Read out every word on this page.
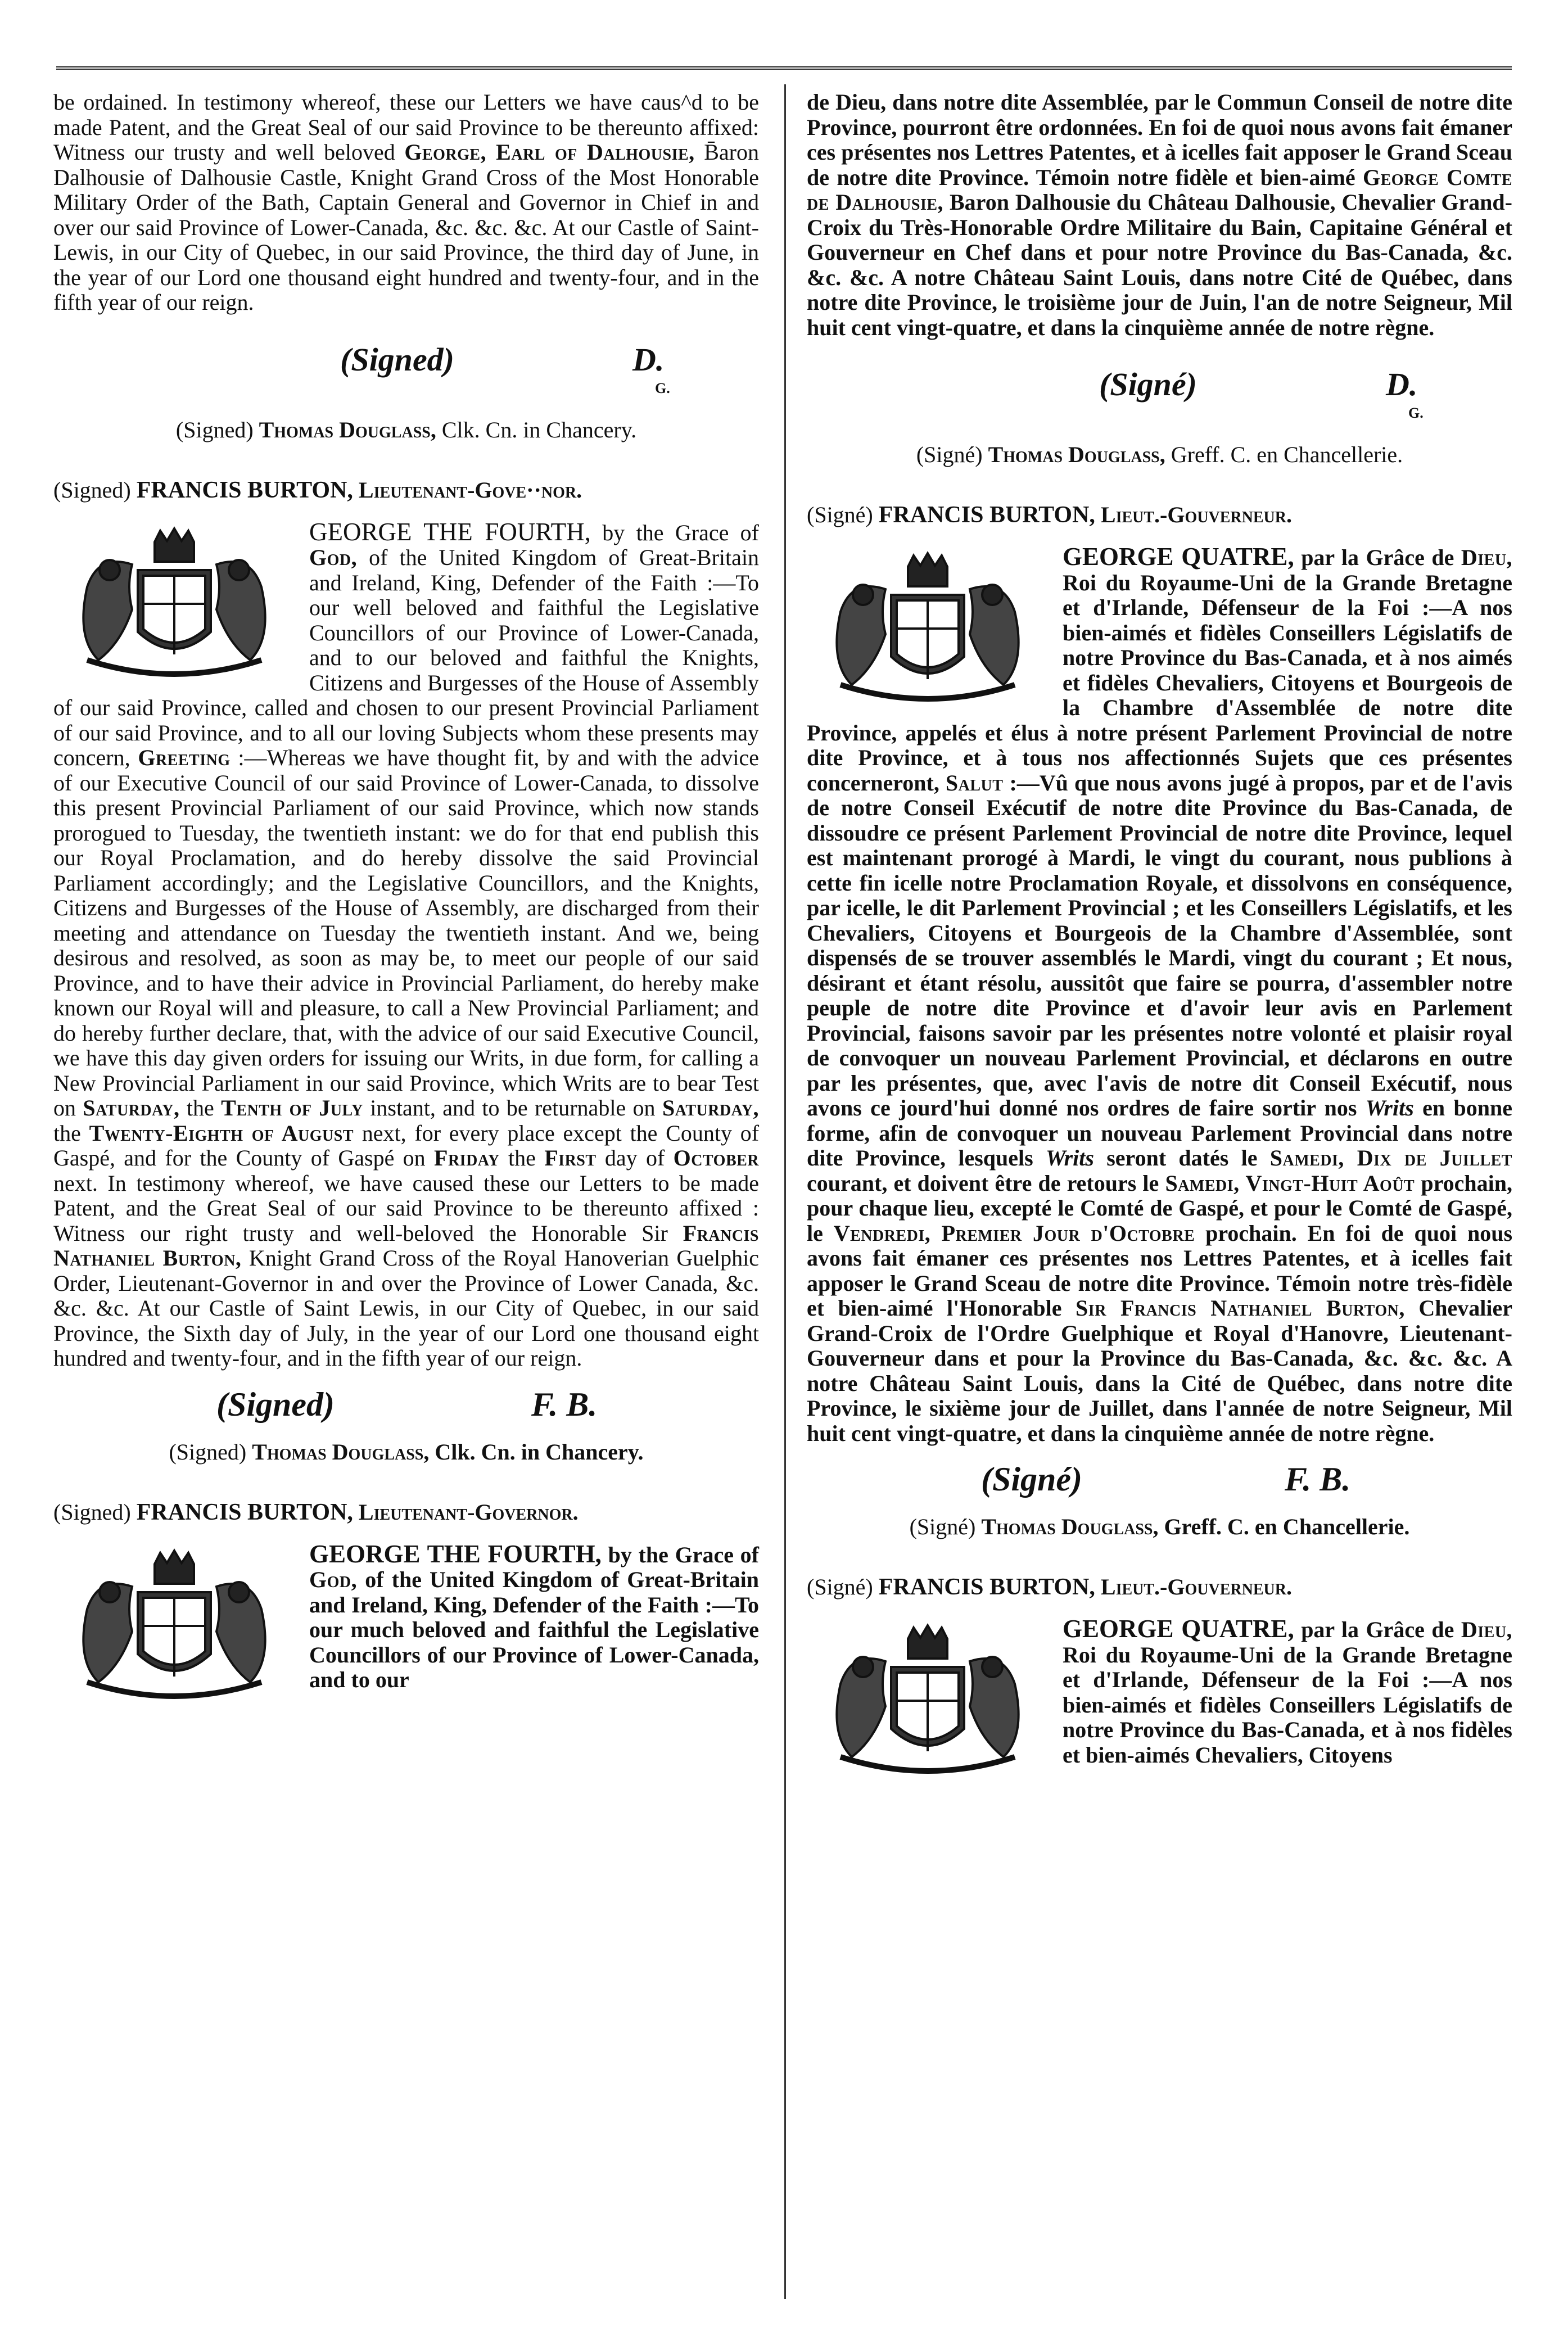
be ordained. In testimony whereof, these our Letters we have caus^d to be made Patent, and the Great Seal of our said Province to be thereunto affixed: Witness our trusty and well beloved George, Earl of Dalhousie, B̄aron Dalhousie of Dalhousie Castle, Knight Grand Cross of the Most Honorable Military Order of the Bath, Captain General and Governor in Chief in and over our said Province of Lower-Canada, &c. &c. &c. At our Castle of Saint-Lewis, in our City of Quebec, in our said Province, the third day of June, in the year of our Lord one thousand eight hundred and twenty-four, and in the fifth year of our reign.

(Signed)	D.
G.
(Signed) Thomas Douglass, Clk. Cn. in Chancery.
(Signed) FRANCIS BURTON, Lieutenant-Gove··nor.

GEORGE THE FOURTH, by the Grace of God, of the United Kingdom of Great-Britain and Ireland, King, Defender of the Faith :—To our well beloved and faithful the Legislative Councillors of our Province of Lower-Canada, and to our beloved and faithful the Knights, Citizens and Burgesses of the House of Assembly of our said Province, called and chosen to our present Provincial Parliament of our said Province, and to all our loving Subjects whom these presents may concern, Greeting :—Whereas we have thought fit, by and with the advice of our Executive Council of our said Province of Lower-Canada, to dissolve this present Provincial Parliament of our said Province, which now stands prorogued to Tuesday, the twentieth instant: we do for that end publish this our Royal Proclamation, and do hereby dissolve the said Provincial Parliament accordingly; and the Legislative Councillors, and the Knights, Citizens and Burgesses of the House of Assembly, are discharged from their meeting and attendance on Tuesday the twentieth instant. And we, being desirous and resolved, as soon as may be, to meet our people of our said Province, and to have their advice in Provincial Parliament, do hereby make known our Royal will and pleasure, to call a New Provincial Parliament; and do hereby further declare, that, with the advice of our said Executive Council, we have this day given orders for issuing our Writs, in due form, for calling a New Provincial Parliament in our said Province, which Writs are to bear Test on Saturday, the Tenth of July instant, and to be returnable on Saturday, the Twenty-Eighth of August next, for every place except the County of Gaspé, and for the County of Gaspé on Friday the First day of October next. In testimony whereof, we have caused these our Letters to be made Patent, and the Great Seal of our said Province to be thereunto affixed : Witness our right trusty and well-beloved the Honorable Sir Francis Nathaniel Burton, Knight Grand Cross of the Royal Hanoverian Guelphic Order, Lieutenant-Governor in and over the Province of Lower Canada, &c. &c. &c. At our Castle of Saint Lewis, in our City of Quebec, in our said Province, the Sixth day of July, in the year of our Lord one thousand eight hundred and twenty-four, and in the fifth year of our reign.

(Signed)	F. B.
(Signed) Thomas Douglass, Clk. Cn. in Chancery.
(Signed) FRANCIS BURTON, Lieutenant-Governor.

GEORGE THE FOURTH, by the Grace of God, of the United Kingdom of Great-Britain and Ireland, King, Defender of the Faith :—To our much beloved and faithful the Legislative Councillors of our Province of Lower-Canada, and to our

de Dieu, dans notre dite Assemblée, par le Commun Conseil de notre dite Province, pourront être ordonnées. En foi de quoi nous avons fait émaner ces présentes nos Lettres Patentes, et à icelles fait apposer le Grand Sceau de notre dite Province. Témoin notre fidèle et bien-aimé George Comte de Dalhousie, Baron Dalhousie du Château Dalhousie, Chevalier Grand-Croix du Très-Honorable Ordre Militaire du Bain, Capitaine Général et Gouverneur en Chef dans et pour notre Province du Bas-Canada, &c. &c. &c. A notre Château Saint Louis, dans notre Cité de Québec, dans notre dite Province, le troisième jour de Juin, l'an de notre Seigneur, Mil huit cent vingt-quatre, et dans la cinquième année de notre règne.

(Signé)	D.
G.
(Signé) Thomas Douglass, Greff. C. en Chancellerie.
(Signé) FRANCIS BURTON, Lieut.-Gouverneur.

GEORGE QUATRE, par la Grâce de Dieu, Roi du Royaume-Uni de la Grande Bretagne et d'Irlande, Défenseur de la Foi :—A nos bien-aimés et fidèles Conseillers Législatifs de notre Province du Bas-Canada, et à nos aimés et fidèles Chevaliers, Citoyens et Bourgeois de la Chambre d'Assemblée de notre dite Province, appelés et élus à notre présent Parlement Provincial de notre dite Province, et à tous nos affectionnés Sujets que ces présentes concerneront, Salut :—Vû que nous avons jugé à propos, par et de l'avis de notre Conseil Exécutif de notre dite Province du Bas-Canada, de dissoudre ce présent Parlement Provincial de notre dite Province, lequel est maintenant prorogé à Mardi, le vingt du courant, nous publions à cette fin icelle notre Proclamation Royale, et dissolvons en conséquence, par icelle, le dit Parlement Provincial ; et les Conseillers Législatifs, et les Chevaliers, Citoyens et Bourgeois de la Chambre d'Assemblée, sont dispensés de se trouver assemblés le Mardi, vingt du courant ; Et nous, désirant et étant résolu, aussitôt que faire se pourra, d'assembler notre peuple de notre dite Province et d'avoir leur avis en Parlement Provincial, faisons savoir par les présentes notre volonté et plaisir royal de convoquer un nouveau Parlement Provincial, et déclarons en outre par les présentes, que, avec l'avis de notre dit Conseil Exécutif, nous avons ce jourd'hui donné nos ordres de faire sortir nos Writs en bonne forme, afin de convoquer un nouveau Parlement Provincial dans notre dite Province, lesquels Writs seront datés le Samedi, Dix de Juillet courant, et doivent être de retours le Samedi, Vingt-Huit Août prochain, pour chaque lieu, excepté le Comté de Gaspé, et pour le Comté de Gaspé, le Vendredi, Premier Jour d'Octobre prochain. En foi de quoi nous avons fait émaner ces présentes nos Lettres Patentes, et à icelles fait apposer le Grand Sceau de notre dite Province. Témoin notre très-fidèle et bien-aimé l'Honorable Sir Francis Nathaniel Burton, Chevalier Grand-Croix de l'Ordre Guelphique et Royal d'Hanovre, Lieutenant-Gouverneur dans et pour la Province du Bas-Canada, &c. &c. &c. A notre Château Saint Louis, dans la Cité de Québec, dans notre dite Province, le sixième jour de Juillet, dans l'année de notre Seigneur, Mil huit cent vingt-quatre, et dans la cinquième année de notre règne.

(Signé)	F. B.
(Signé) Thomas Douglass, Greff. C. en Chancellerie.
(Signé) FRANCIS BURTON, Lieut.-Gouverneur.

GEORGE QUATRE, par la Grâce de Dieu, Roi du Royaume-Uni de la Grande Bretagne et d'Irlande, Défenseur de la Foi :—A nos bien-aimés et fidèles Conseillers Législatifs de notre Province du Bas-Canada, et à nos fidèles et bien-aimés Chevaliers, Citoyens
